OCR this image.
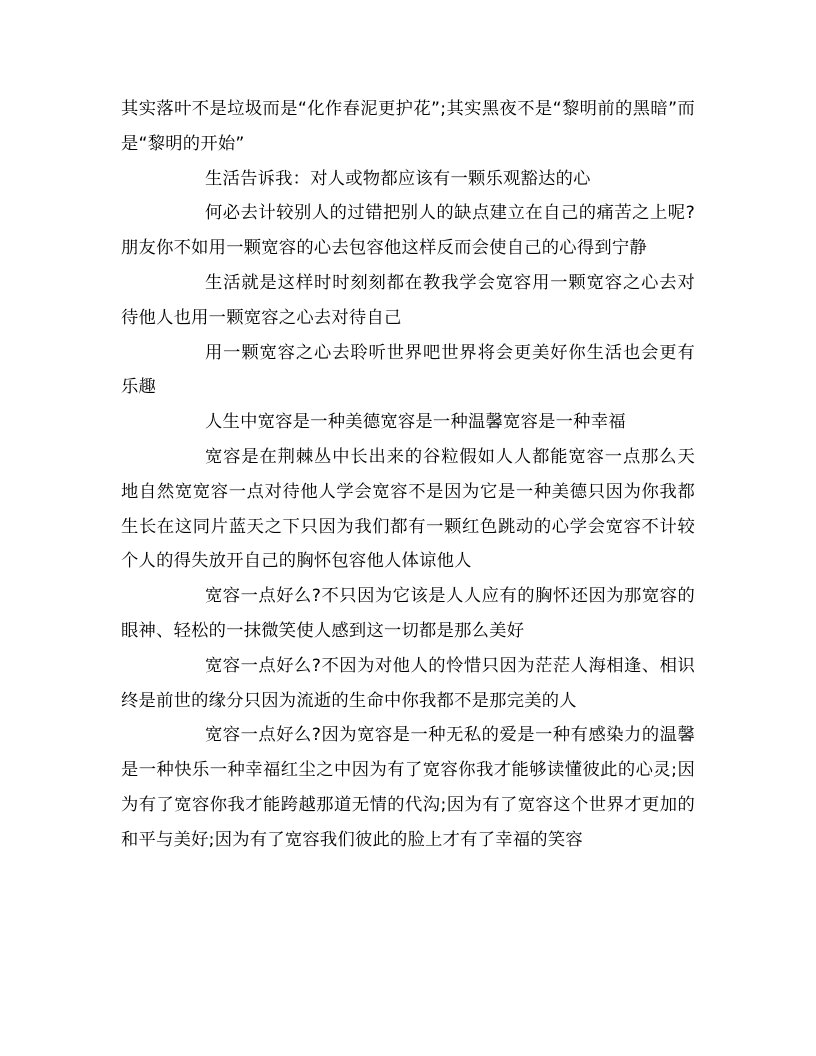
其实落叶不是垃圾而是“化作春泥更护花”;其实黑夜不是“黎明前的黑暗”而是“黎明的开始”

生活告诉我：对人或物都应该有一颗乐观豁达的心

何必去计较别人的过错把别人的缺点建立在自己的痛苦之上呢?朋友你不如用一颗宽容的心去包容他这样反而会使自己的心得到宁静

生活就是这样时时刻刻都在教我学会宽容用一颗宽容之心去对待他人也用一颗宽容之心去对待自己

用一颗宽容之心去聆听世界吧世界将会更美好你生活也会更有乐趣

人生中宽容是一种美德宽容是一种温馨宽容是一种幸福

宽容是在荆棘丛中长出来的谷粒假如人人都能宽容一点那么天地自然宽宽容一点对待他人学会宽容不是因为它是一种美德只因为你我都生长在这同片蓝天之下只因为我们都有一颗红色跳动的心学会宽容不计较个人的得失放开自己的胸怀包容他人体谅他人

宽容一点好么?不只因为它该是人人应有的胸怀还因为那宽容的眼神、轻松的一抹微笑使人感到这一切都是那么美好

宽容一点好么?不因为对他人的怜惜只因为茫茫人海相逢、相识终是前世的缘分只因为流逝的生命中你我都不是那完美的人

宽容一点好么?因为宽容是一种无私的爱是一种有感染力的温馨是一种快乐一种幸福红尘之中因为有了宽容你我才能够读懂彼此的心灵;因为有了宽容你我才能跨越那道无情的代沟;因为有了宽容这个世界才更加的和平与美好;因为有了宽容我们彼此的脸上才有了幸福的笑容
